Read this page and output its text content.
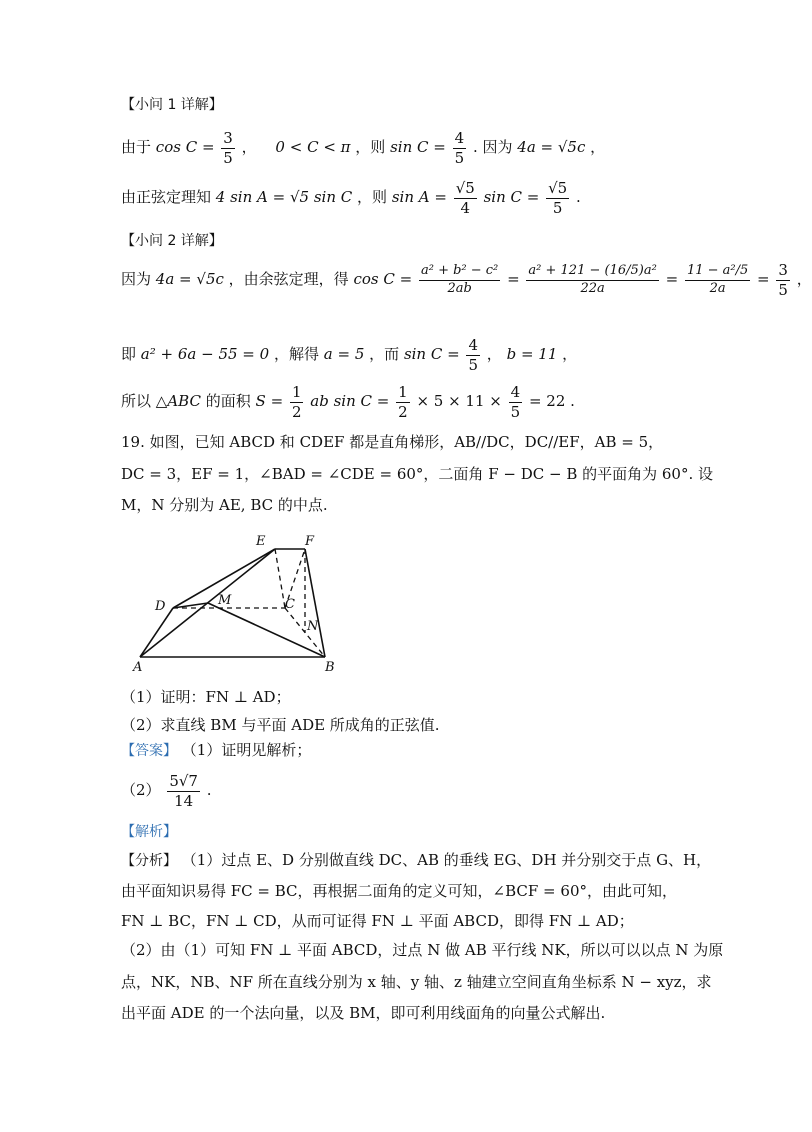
【小问 1 详解】
由于 $\cos C = \frac{3}{5}$ ， 0 < C < π ，则 $\sin C = \frac{4}{5}$ . 因为 4a = √5c ，
由正弦定理知 4 sin A = √5 sin C ，则 $\sin A = \frac{√5}{4}$ $\sin C = \frac{√5}{5}$ .
【小问 2 详解】
因为 4a = √5c ，由余弦定理，得 $\cos C = \frac{\text{a² + b² − c²}}{2ab} = \frac{\text{a² + 121 − (16/5)a²}}{22a} = \frac{\text{11 − a²/5}}{2a} = \frac{3}{5}$ ，
即 a² + 6a − 55 = 0 ，解得 a = 5 ，而 $\sin C = \frac{4}{5}$ ， b = 11 ，
所以 △ABC 的面积 $S = \frac{1}{2}$ ab $\sin C = \frac{1}{2} \times 5 \times 11 \times \frac{4}{5} = 22$ .
19. 如图，已知 ABCD 和 CDEF 都是直角梯形，AB//DC，DC//EF，AB = 5，
DC = 3，EF = 1，∠BAD = ∠CDE = 60°，二面角 F − DC − B 的平面角为 60°. 设
M，N 分别为 AE, BC 的中点.
E	F
D	M	C
N
A	B
（1）证明：FN ⊥ AD；
（2）求直线 BM 与平面 ADE 所成角的正弦值.
【答案】 （1）证明见解析；
$(2) \frac{5√7}{14}$ .
【解析】
【分析】 （1）过点 E、D 分别做直线 DC、AB 的垂线 EG、DH 并分别交于点 G、H，
由平面知识易得 FC = BC，再根据二面角的定义可知，∠BCF = 60°，由此可知，
FN ⊥ BC，FN ⊥ CD，从而可证得 FN ⊥ 平面 ABCD，即得 FN ⊥ AD；
（2）由（1）可知 FN ⊥ 平面 ABCD，过点 N 做 AB 平行线 NK，所以可以以点 N 为原
点，NK，NB、NF 所在直线分别为 x 轴、y 轴、z 轴建立空间直角坐标系 N − xyz，求
出平面 ADE 的一个法向量，以及 BM，即可利用线面角的向量公式解出.
